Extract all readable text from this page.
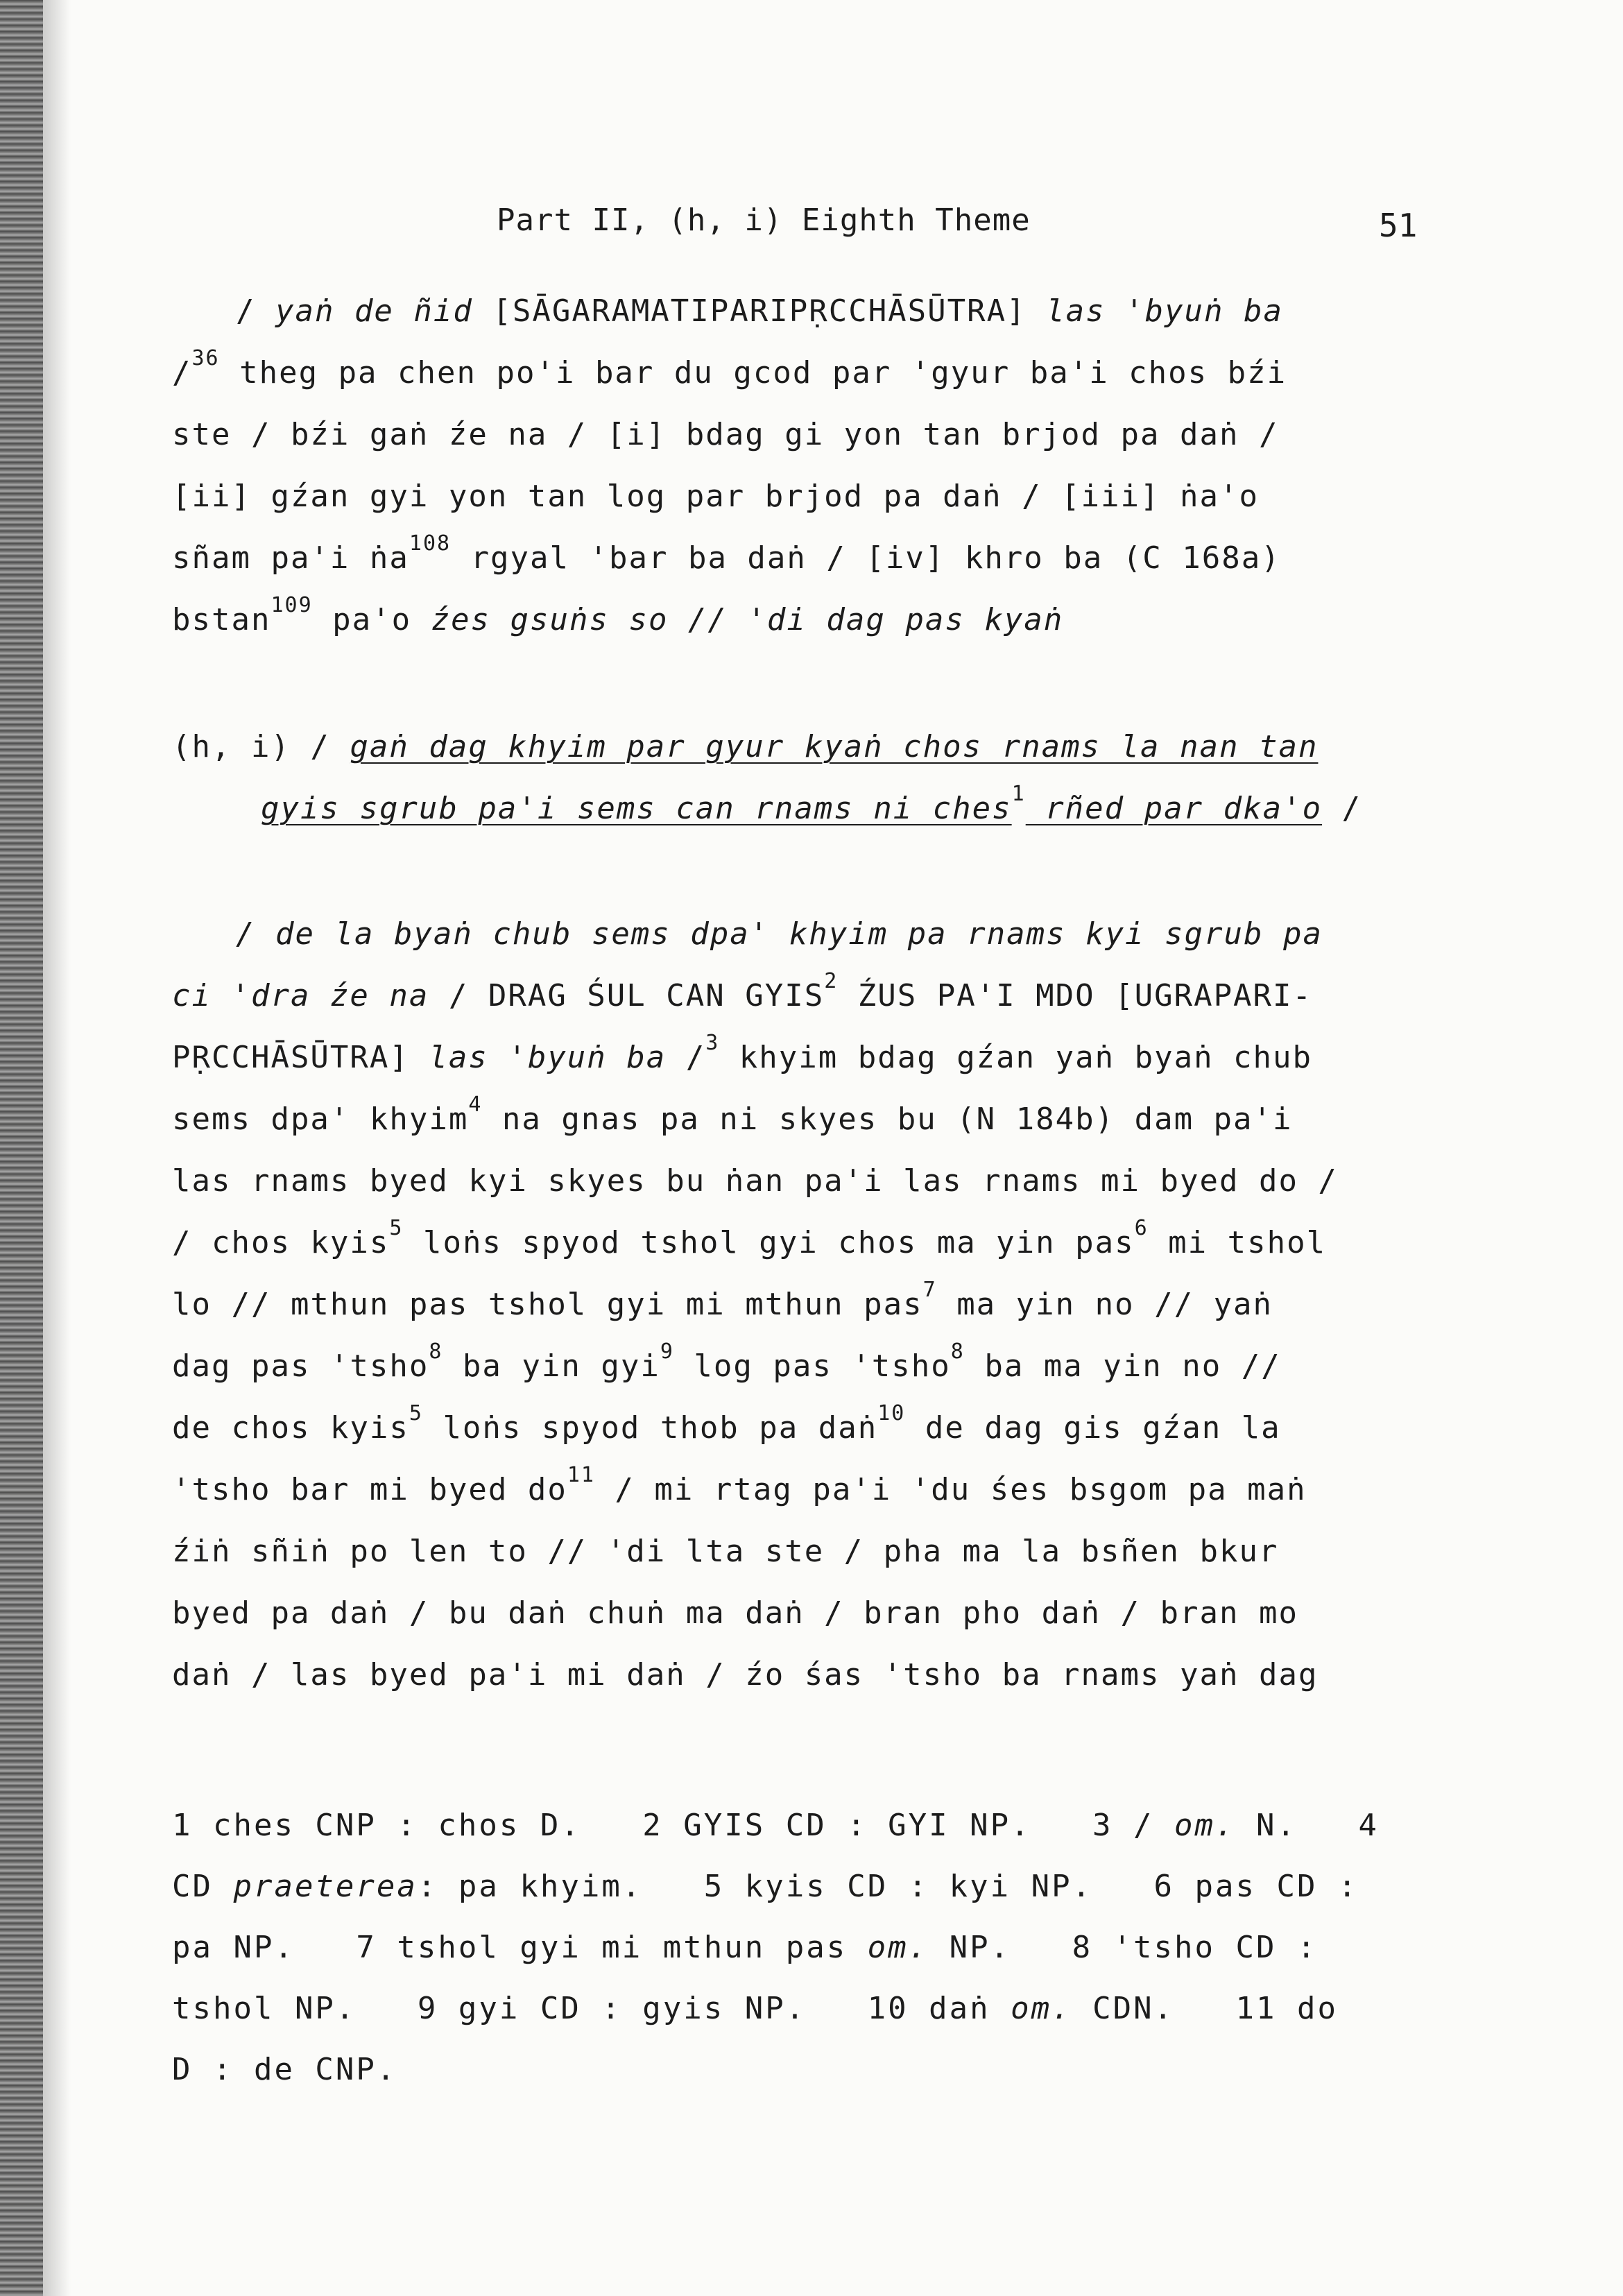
Part II, (h, i) Eighth Theme	51
/ yaṅ de ñid [SĀGARAMATIPARIPṚCCHĀSŪTRA] las 'byuṅ ba
/$^{36}$ theg pa chen po'i bar du gcod par 'gyur ba'i chos bźi
ste / bźi gaṅ źe na / [i] bdag gi yon tan brjod pa daṅ /
[ii] gźan gyi yon tan log par brjod pa daṅ / [iii] ṅa'o
sñam pa'i ṅa$^{108}$ rgyal 'bar ba daṅ / [iv] khro ba (C 168a)
bstan$^{109}$ pa'o źes gsuṅs so // 'di dag pas kyaṅ
(h, i) / gaṅ dag khyim par gyur kyaṅ chos rnams la nan tan
gyis sgrub pa'i sems can rnams ni ches$^1$ rñed par dka'o /
/ de la byaṅ chub sems dpa' khyim pa rnams kyi sgrub pa
ci 'dra źe na / DRAG ŚUL CAN GYIS$^2$ ŹUS PA'I MDO [UGRAPARI-
PṚCCHĀSŪTRA] las 'byuṅ ba /$^3$ khyim bdag gźan yaṅ byaṅ chub
sems dpa' khyim$^4$ na gnas pa ni skyes bu (N 184b) dam pa'i
las rnams byed kyi skyes bu ṅan pa'i las rnams mi byed do /
/ chos kyis$^5$ loṅs spyod tshol gyi chos ma yin pas$^6$ mi tshol
lo // mthun pas tshol gyi mi mthun pas$^7$ ma yin no // yaṅ
dag pas 'tsho$^8$ ba yin gyi$^9$ log pas 'tsho$^8$ ba ma yin no //
de chos kyis$^5$ loṅs spyod thob pa daṅ$^{10}$ de dag gis gźan la
'tsho bar mi byed $do^{11}$ / mi rtag pa'i 'du śes bsgom pa maṅ
źiṅ sñiṅ po len to // 'di lta ste / pha ma la bsñen bkur
byed pa daṅ / bu daṅ chuṅ ma daṅ / bran pho daṅ / bran mo
daṅ / las byed pa'i mi daṅ / źo śas 'tsho ba rnams yaṅ dag
1 ches CNP : chos D.   2 GYIS CD : GYI NP.   3 / om. N.   4
CD praeterea: pa khyim.   5 kyis CD : kyi NP.   6 pas CD :
pa NP.   7 tshol gyi mi mthun pas om. NP.   8 'tsho CD :
tshol NP.   9 gyi CD : gyis NP.   10 daṅ om. CDN.   11 do
D : de CNP.
